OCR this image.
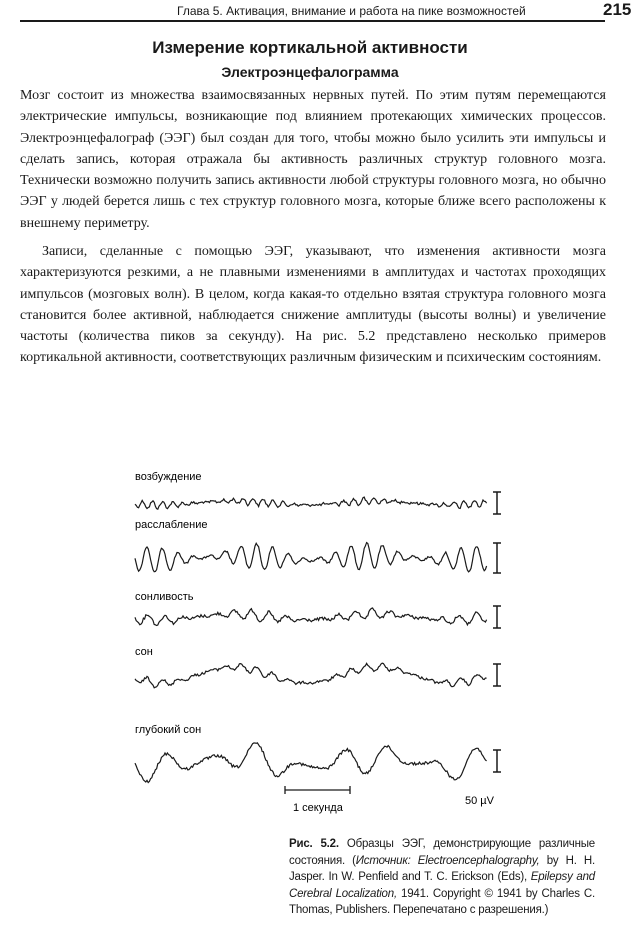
Глава 5. Активация, внимание и работа на пике возможностей	215
Измерение кортикальной активности
Электроэнцефалограмма

Мозг состоит из множества взаимосвязанных нервных путей. По этим путям перемещаются электрические импульсы, возникающие под влиянием протекающих химических процессов. Электроэнцефалограф (ЭЭГ) был создан для того, чтобы можно было усилить эти импульсы и сделать запись, которая отражала бы активность различных структур головного мозга. Технически возможно получить запись активности любой структуры головного мозга, но обычно ЭЭГ у людей берется лишь с тех структур головного мозга, которые ближе всего расположены к внешнему периметру.

Записи, сделанные с помощью ЭЭГ, указывают, что изменения активности мозга характеризуются резкими, а не плавными изменениями в амплитудах и частотах проходящих импульсов (мозговых волн). В целом, когда какая-то отдельно взятая структура головного мозга становится более активной, наблюдается снижение амплитуды (высоты волны) и увеличение частоты (количества пиков за секунду). На рис. 5.2 представлено несколько примеров кортикальной активности, соответствующих различным физическим и психическим состояниям.

возбуждение
расслабление
сонливость
сон
глубокий сон
1 секунда
50 µV

Рис. 5.2. Образцы ЭЭГ, демонстрирующие различные состояния. (Источник: Electroencephalography, by H. H. Jasper. In W. Penfield and T. C. Erickson (Eds), Epilepsy and Cerebral Localization, 1941. Copyright © 1941 by Charles C. Thomas, Publishers. Перепечатано с разрешения.)
